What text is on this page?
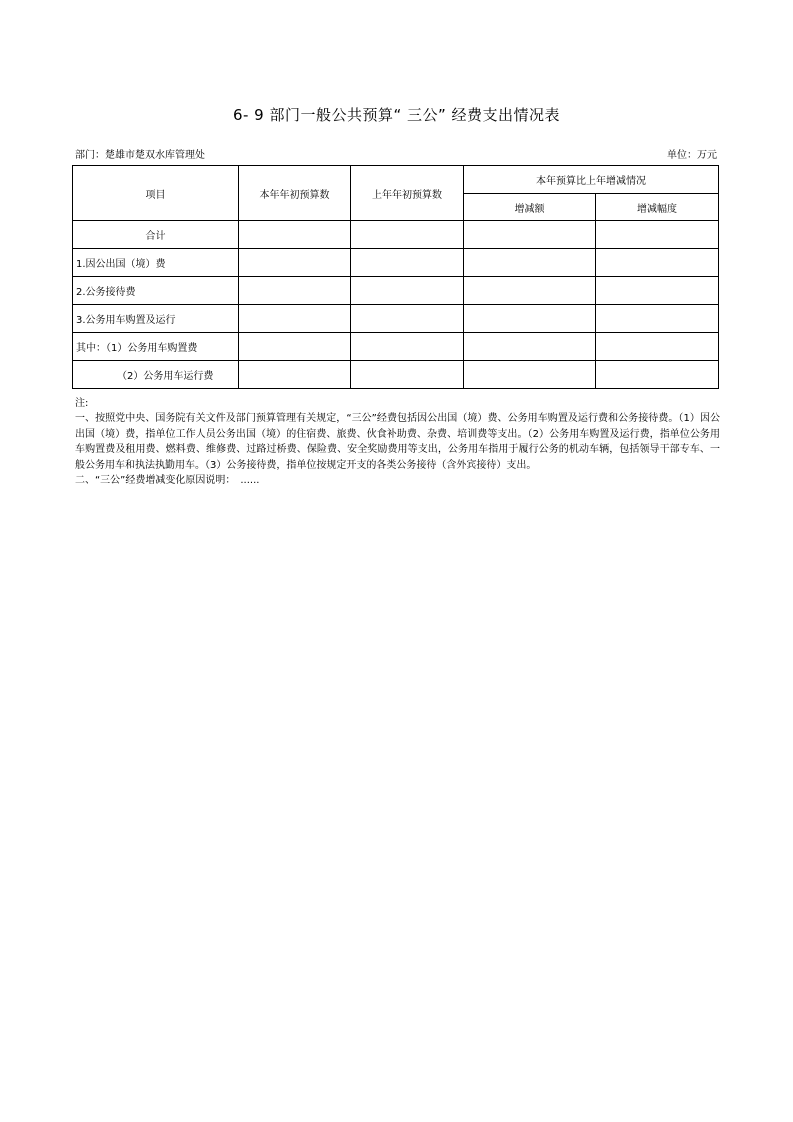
6- 9 部门一般公共预算“ 三公” 经费支出情况表
部门：楚雄市楚双水库管理处	单位：万元
项目	本年年初预算数	上年年初预算数	本年预算比上年增减情况	
			增减额	增减幅度
合计				
1.因公出国（境）费				
2.公务接待费				
3.公务用车购置及运行				
其中：（1）公务用车购置费				
（2）公务用车运行费				

注:

一、按照党中央、国务院有关文件及部门预算管理有关规定，“三公”经费包括因公出国（境）费、公务用车购置及运行费和公务接待费。（1）因公出国（境）费，指单位工作人员公务出国（境）的住宿费、旅费、伙食补助费、杂费、培训费等支出。（2）公务用车购置及运行费，指单位公务用车购置费及租用费、燃料费、维修费、过路过桥费、保险费、安全奖励费用等支出，公务用车指用于履行公务的机动车辆，包括领导干部专车、一般公务用车和执法执勤用车。（3）公务接待费，指单位按规定开支的各类公务接待（含外宾接待）支出。

二、“三公”经费增减变化原因说明：　......
